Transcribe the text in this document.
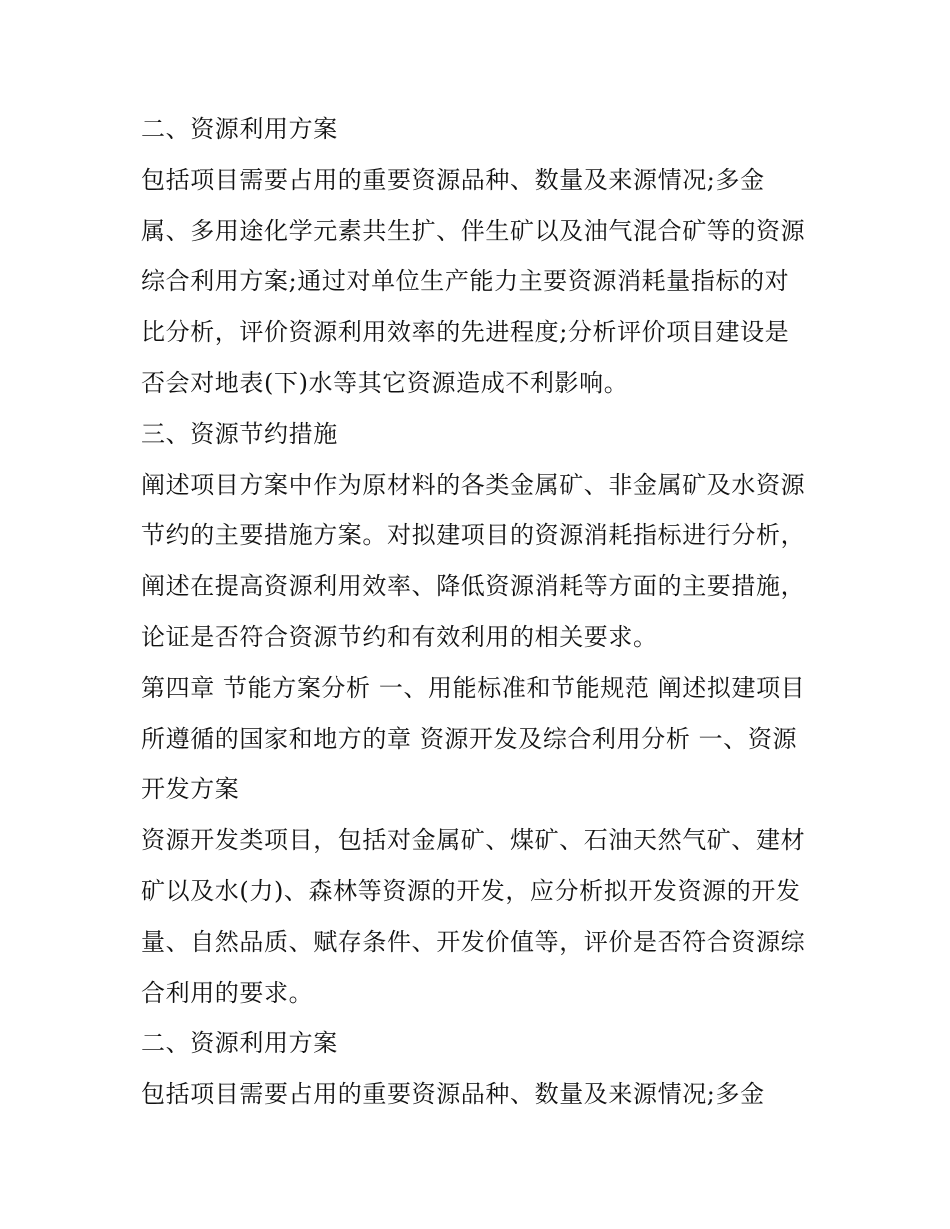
二、资源利用方案
包括项目需要占用的重要资源品种、数量及来源情况;多金
属、多用途化学元素共生扩、伴生矿以及油气混合矿等的资源
综合利用方案;通过对单位生产能力主要资源消耗量指标的对
比分析，评价资源利用效率的先进程度;分析评价项目建设是
否会对地表(下)水等其它资源造成不利影响。
三、资源节约措施
阐述项目方案中作为原材料的各类金属矿、非金属矿及水资源
节约的主要措施方案。对拟建项目的资源消耗指标进行分析，
阐述在提高资源利用效率、降低资源消耗等方面的主要措施，
论证是否符合资源节约和有效利用的相关要求。
第四章 节能方案分析 一、用能标准和节能规范 阐述拟建项目
所遵循的国家和地方的章 资源开发及综合利用分析 一、资源
开发方案
资源开发类项目，包括对金属矿、煤矿、石油天然气矿、建材
矿以及水(力)、森林等资源的开发，应分析拟开发资源的开发
量、自然品质、赋存条件、开发价值等，评价是否符合资源综
合利用的要求。
二、资源利用方案
包括项目需要占用的重要资源品种、数量及来源情况;多金
